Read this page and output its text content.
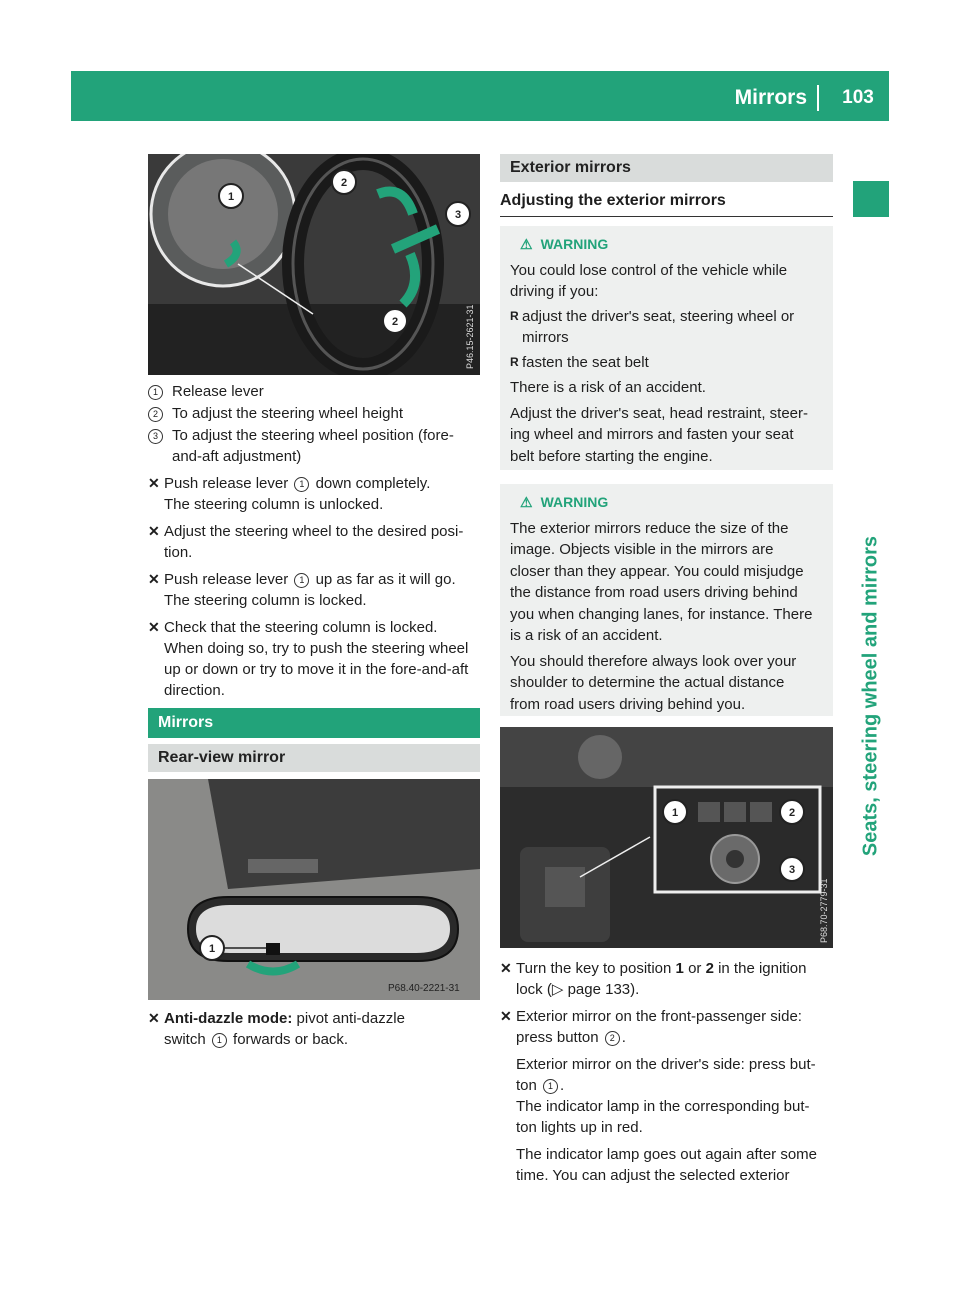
Mirrors	103
Seats, steering wheel and mirrors
1
2
2
3
P46.15-2621-31
1 Release lever
2 To adjust the steering wheel height
3 To adjust the steering wheel position (fore-
and-aft adjustment)
✕ Push release lever 1 down completely.
The steering column is unlocked.

✕ Adjust the steering wheel to the desired posi-
tion.

✕ Push release lever 1 up as far as it will go.
The steering column is locked.

✕ Check that the steering column is locked.
When doing so, try to push the steering wheel
up or down or try to move it in the fore-and-aft
direction.

Mirrors
Rear-view mirror
1
P68.40-2221-31
✕ Anti-dazzle mode: pivot anti-dazzle
switch 1 forwards or back.

Exterior mirrors
Adjusting the exterior mirrors
⚠ WARNING

You could lose control of the vehicle while
driving if you:

R adjust the driver's seat, steering wheel or
mirrors
R fasten the seat belt

There is a risk of an accident.

Adjust the driver's seat, head restraint, steer-
ing wheel and mirrors and fasten your seat
belt before starting the engine.

⚠ WARNING

The exterior mirrors reduce the size of the
image. Objects visible in the mirrors are
closer than they appear. You could misjudge
the distance from road users driving behind
you when changing lanes, for instance. There
is a risk of an accident.

You should therefore always look over your
shoulder to determine the actual distance
from road users driving behind you.

1	2
3
P68.70-2779-31
✕ Turn the key to position 1 or 2 in the ignition
lock (▷ page 133).

✕ Exterior mirror on the front-passenger side:
press button 2 .
Exterior mirror on the driver's side: press but-
ton 1 .
The indicator lamp in the corresponding but-
ton lights up in red.
The indicator lamp goes out again after some
time. You can adjust the selected exterior
